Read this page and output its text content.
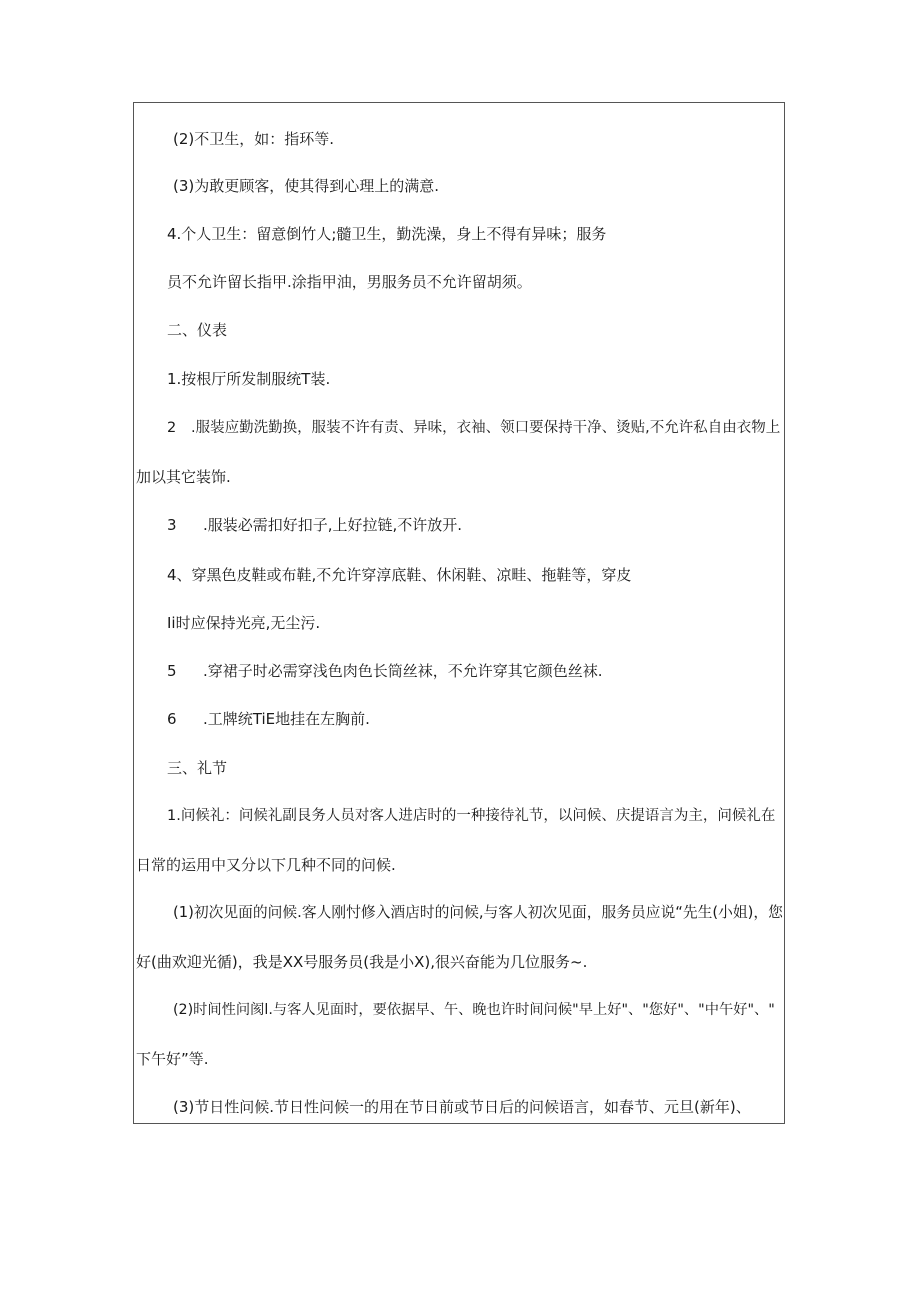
(2)不卫生，如：指环等.
(3)为敢更顾客，使其得到心理上的满意.
4.个人卫生：留意倒竹人;髓卫生，勤洗澡，身上不得有异味；服务
员不允许留长指甲.涂指甲油，男服务员不允许留胡须。
二、仪表
1.按根厅所发制服统T装.
2 .服装应勤洗勤换，服装不许有责、异味，衣袖、领口要保持干净、烫贴,不允许私自由衣物上
加以其它装饰.
3 .服装必需扣好扣子,上好拉链,不许放开.
4、穿黑色皮鞋或布鞋,不允许穿淳底鞋、休闲鞋、凉畦、拖鞋等，穿皮
Ii时应保持光亮,无尘污.
5 .穿裙子时必需穿浅色肉色长筒丝袜，不允许穿其它颜色丝袜.
6 .工牌统TiE地挂在左胸前.
三、礼节
1.问候礼：问候礼副艮务人员对客人进店时的一种接待礼节，以问候、庆提语言为主，问候礼在
日常的运用中又分以下几种不同的问候.
(1)初次见面的问候.客人刚忖修入酒店时的问候,与客人初次见面，服务员应说“先生(小姐)，您
好(曲欢迎光循)，我是XX号服务员(我是小X),很兴奋能为几位服务~.
(2)时间性问阂l.与客人见面时，要依据早、午、晚也许时间问候"早上好"、"您好"、"中午好"、"
下午好”等.
(3)节日性问候.节日性问候一的用在节日前或节日后的问候语言，如春节、元旦(新年)、
